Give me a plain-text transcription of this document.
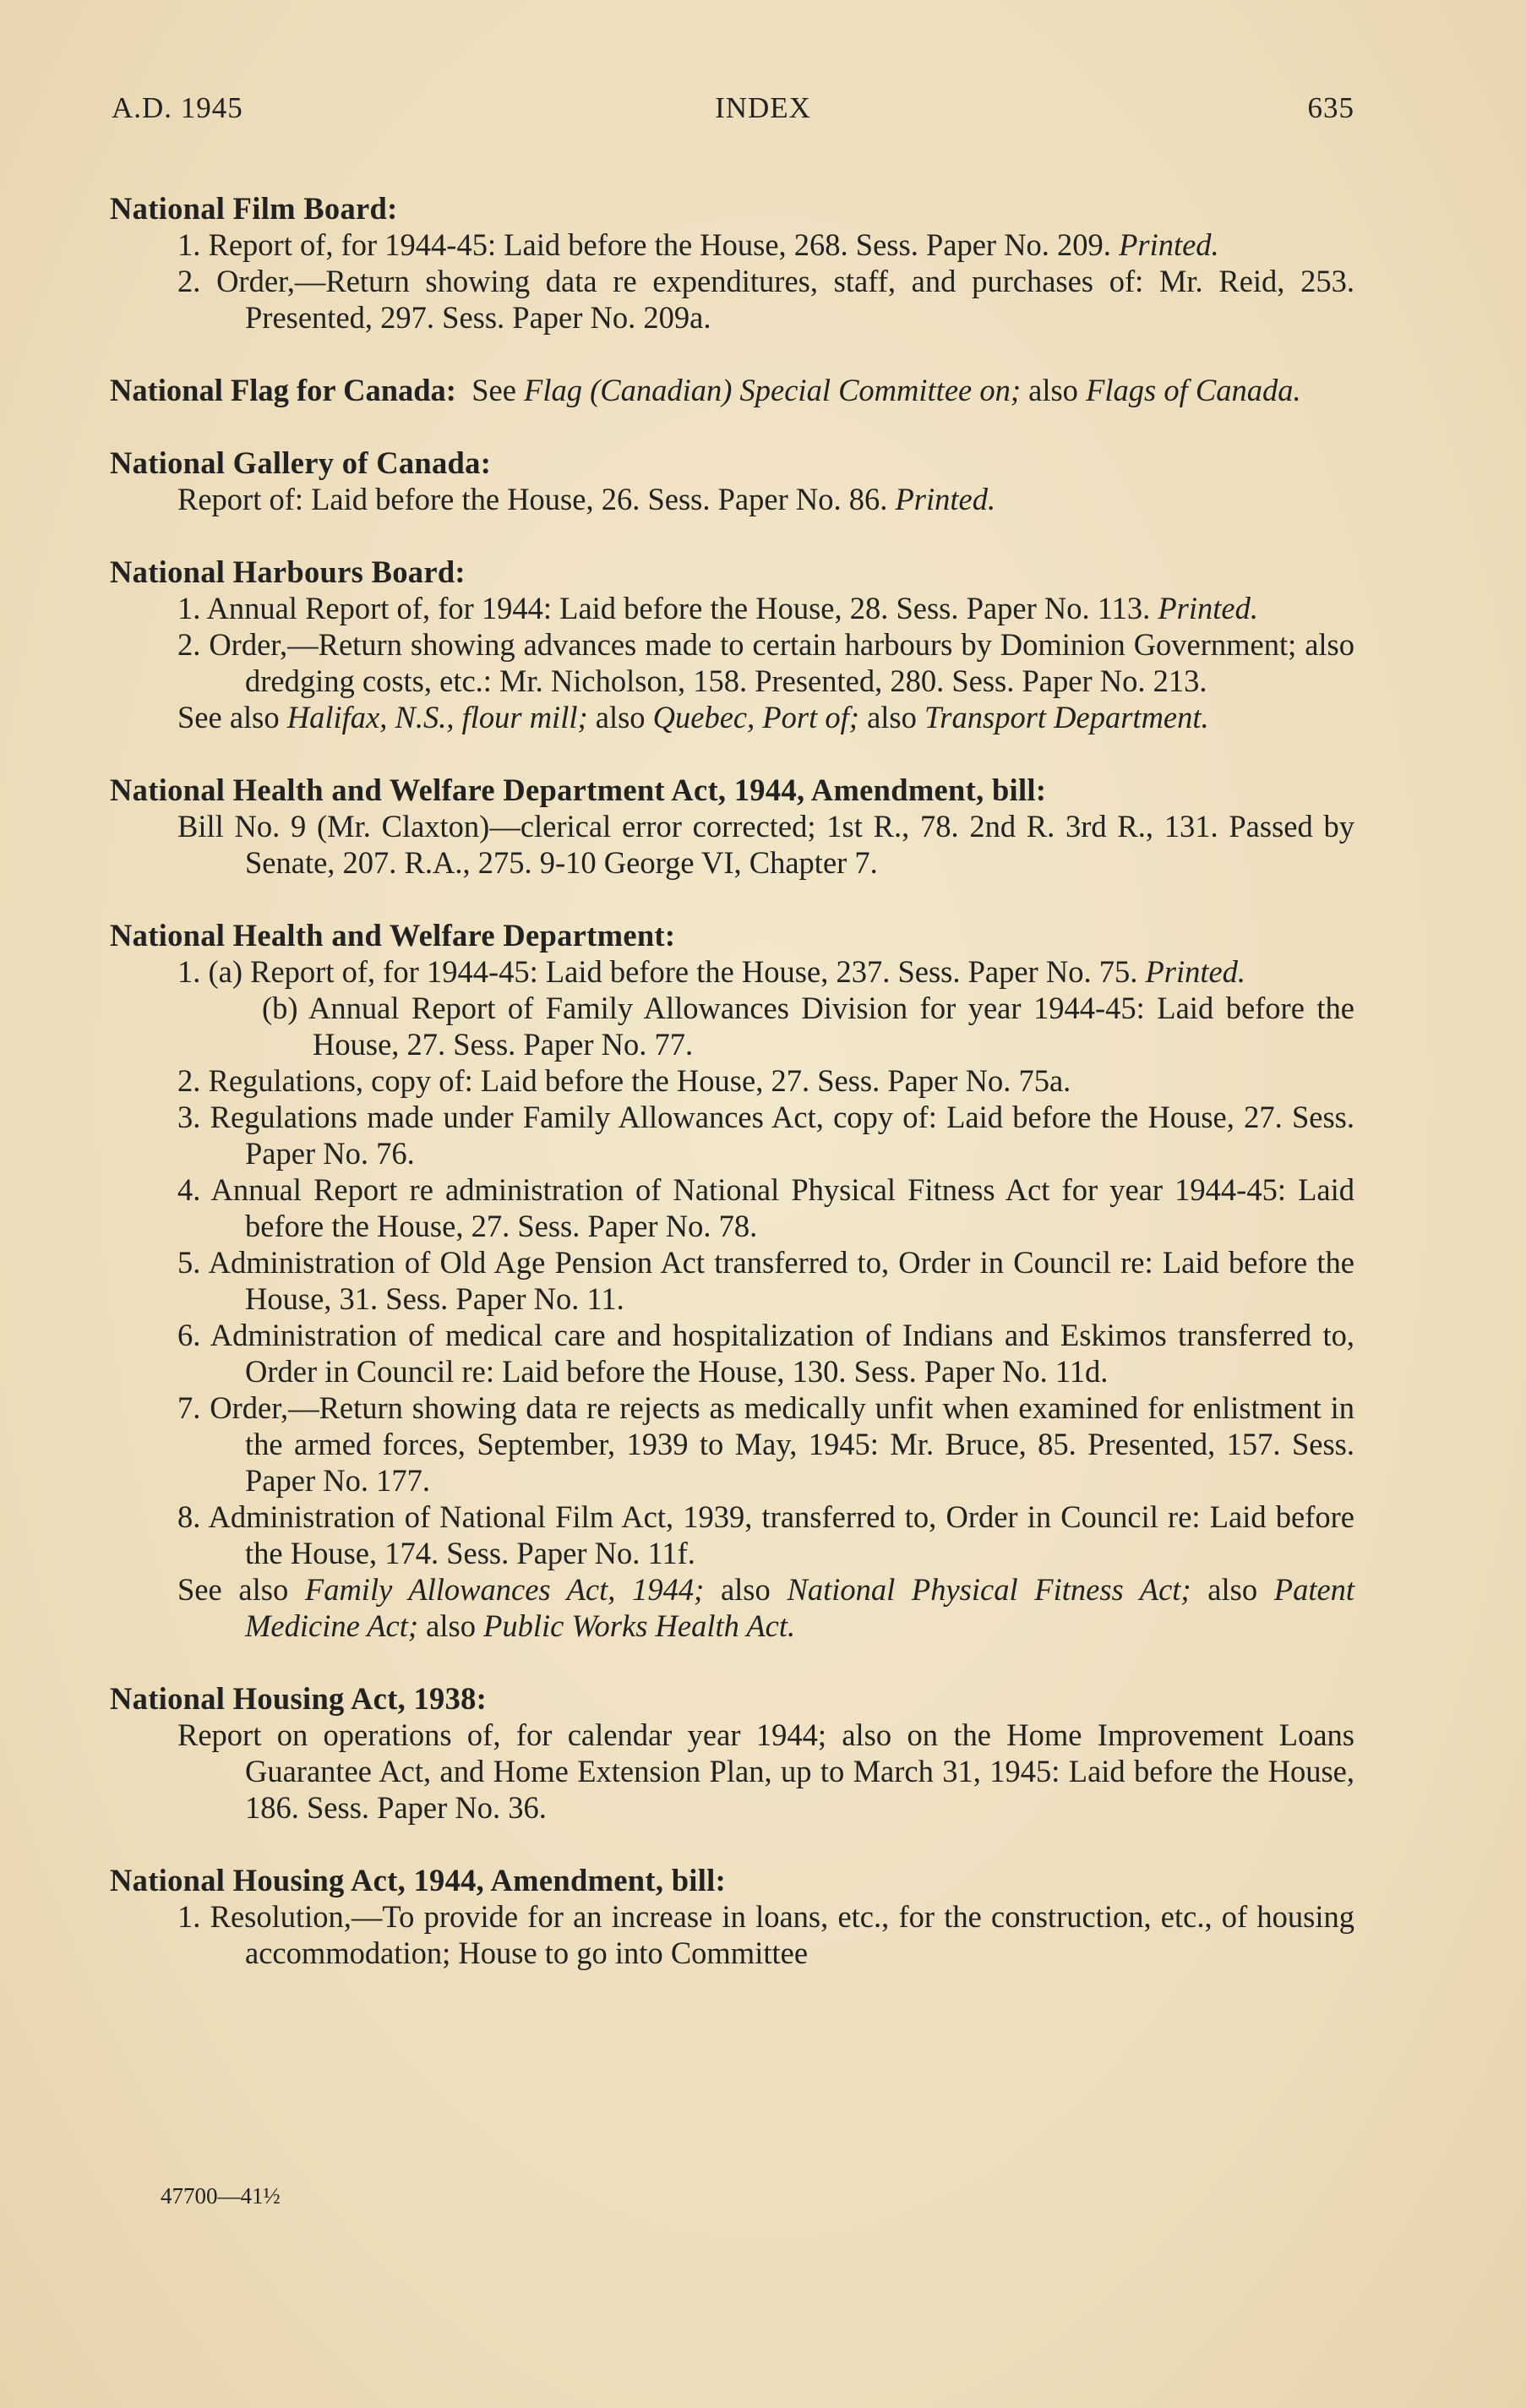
A.D. 1945	INDEX	635
National Film Board:
1. Report of, for 1944-45: Laid before the House, 268. Sess. Paper No. 209. Printed.
2. Order,—Return showing data re expenditures, staff, and purchases of: Mr. Reid, 253. Presented, 297. Sess. Paper No. 209a.
National Flag for Canada: See Flag (Canadian) Special Committee on; also Flags of Canada.
National Gallery of Canada:
Report of: Laid before the House, 26. Sess. Paper No. 86. Printed.
National Harbours Board:
1. Annual Report of, for 1944: Laid before the House, 28. Sess. Paper No. 113. Printed.
2. Order,—Return showing advances made to certain harbours by Dominion Government; also dredging costs, etc.: Mr. Nicholson, 158. Presented, 280. Sess. Paper No. 213.
See also Halifax, N.S., flour mill; also Quebec, Port of; also Transport Department.
National Health and Welfare Department Act, 1944, Amendment, bill:
Bill No. 9 (Mr. Claxton)—clerical error corrected; 1st R., 78. 2nd R. 3rd R., 131. Passed by Senate, 207. R.A., 275. 9-10 George VI, Chapter 7.
National Health and Welfare Department:
1. (a) Report of, for 1944-45: Laid before the House, 237. Sess. Paper No. 75. Printed.
(b) Annual Report of Family Allowances Division for year 1944-45: Laid before the House, 27. Sess. Paper No. 77.
2. Regulations, copy of: Laid before the House, 27. Sess. Paper No. 75a.
3. Regulations made under Family Allowances Act, copy of: Laid before the House, 27. Sess. Paper No. 76.
4. Annual Report re administration of National Physical Fitness Act for year 1944-45: Laid before the House, 27. Sess. Paper No. 78.
5. Administration of Old Age Pension Act transferred to, Order in Council re: Laid before the House, 31. Sess. Paper No. 11.
6. Administration of medical care and hospitalization of Indians and Eskimos transferred to, Order in Council re: Laid before the House, 130. Sess. Paper No. 11d.
7. Order,—Return showing data re rejects as medically unfit when examined for enlistment in the armed forces, September, 1939 to May, 1945: Mr. Bruce, 85. Presented, 157. Sess. Paper No. 177.
8. Administration of National Film Act, 1939, transferred to, Order in Council re: Laid before the House, 174. Sess. Paper No. 11f.
See also Family Allowances Act, 1944; also National Physical Fitness Act; also Patent Medicine Act; also Public Works Health Act.
National Housing Act, 1938:
Report on operations of, for calendar year 1944; also on the Home Improvement Loans Guarantee Act, and Home Extension Plan, up to March 31, 1945: Laid before the House, 186. Sess. Paper No. 36.
National Housing Act, 1944, Amendment, bill:
1. Resolution,—To provide for an increase in loans, etc., for the construction, etc., of housing accommodation; House to go into Committee
47700—41½
